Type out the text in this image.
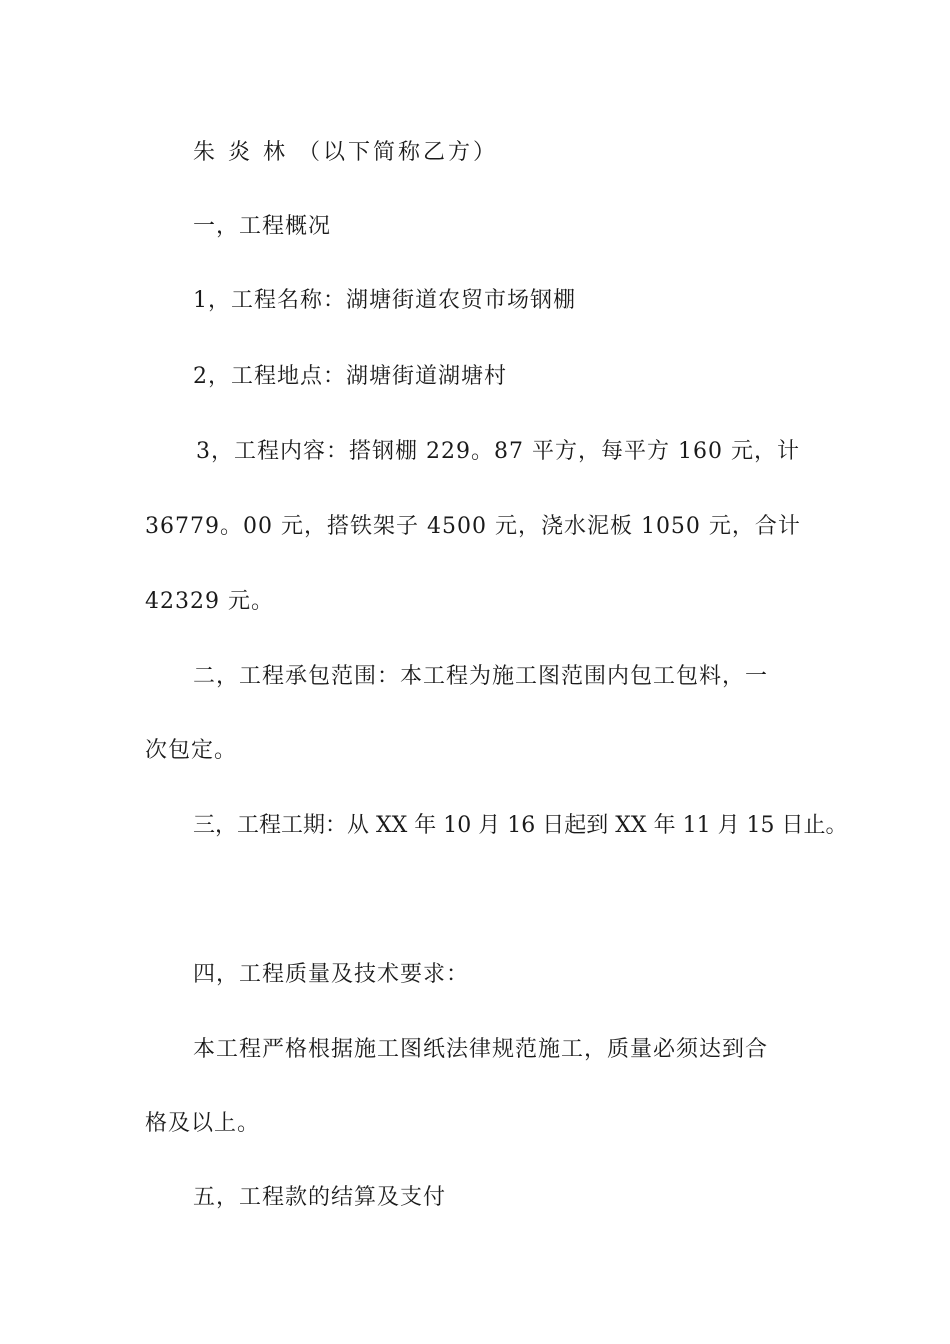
朱 炎 林 （以下简称乙方）
一，工程概况
1，工程名称：湖塘街道农贸市场钢棚
2，工程地点：湖塘街道湖塘村
3，工程内容：搭钢棚 229。87 平方，每平方 160 元，计
36779。00 元，搭铁架子 4500 元，浇水泥板 1050 元，合计
42329 元。
二，工程承包范围：本工程为施工图范围内包工包料，一
次包定。
三，工程工期：从 XX 年 10 月 16 日起到 XX 年 11 月 15 日止。
四，工程质量及技术要求：
本工程严格根据施工图纸法律规范施工，质量必须达到合
格及以上。
五，工程款的结算及支付
